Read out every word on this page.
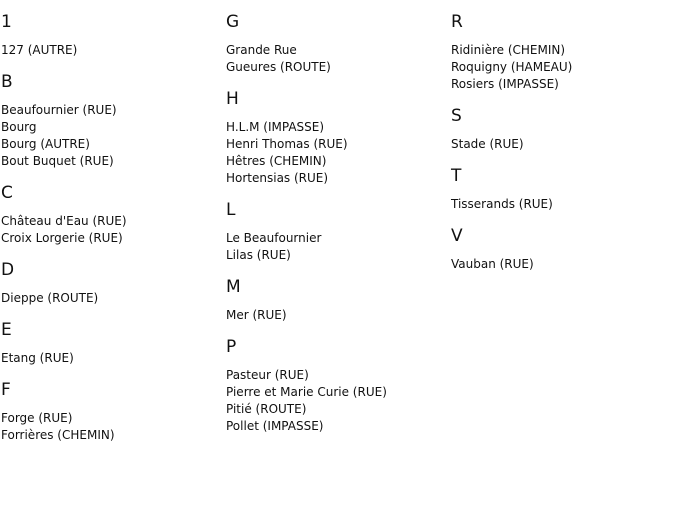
1
127 (AUTRE)
B
Beaufournier (RUE)
Bourg
Bourg (AUTRE)
Bout Buquet (RUE)
C
Château d'Eau (RUE)
Croix Lorgerie (RUE)
D
Dieppe (ROUTE)
E
Etang (RUE)
F
Forge (RUE)
Forrières (CHEMIN)
G
Grande Rue
Gueures (ROUTE)
H
H.L.M (IMPASSE)
Henri Thomas (RUE)
Hêtres (CHEMIN)
Hortensias (RUE)
L
Le Beaufournier
Lilas (RUE)
M
Mer (RUE)
P
Pasteur (RUE)
Pierre et Marie Curie (RUE)
Pitié (ROUTE)
Pollet (IMPASSE)
R
Ridinière (CHEMIN)
Roquigny (HAMEAU)
Rosiers (IMPASSE)
S
Stade (RUE)
T
Tisserands (RUE)
V
Vauban (RUE)
